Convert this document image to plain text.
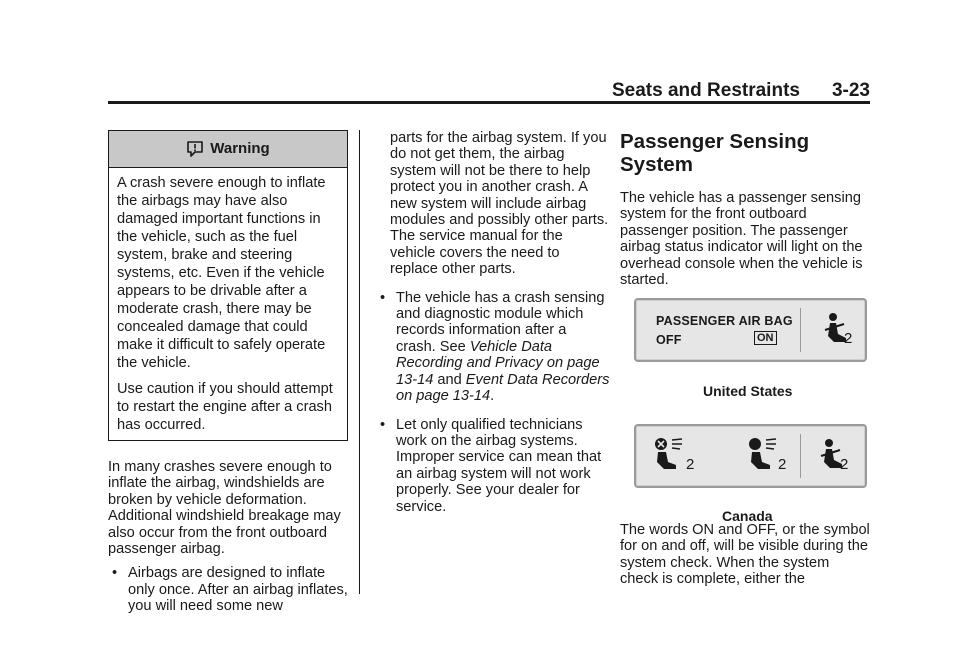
Seats and Restraints 3-23
Warning

A crash severe enough to inflate the airbags may have also damaged important functions in the vehicle, such as the fuel system, brake and steering systems, etc. Even if the vehicle appears to be drivable after a moderate crash, there may be concealed damage that could make it difficult to safely operate the vehicle.

Use caution if you should attempt to restart the engine after a crash has occurred.

In many crashes severe enough to inflate the airbag, windshields are broken by vehicle deformation. Additional windshield breakage may also occur from the front outboard passenger airbag.

• Airbags are designed to inflate only once. After an airbag inflates, you will need some new

parts for the airbag system. If you do not get them, the airbag system will not be there to help protect you in another crash. A new system will include airbag modules and possibly other parts. The service manual for the vehicle covers the need to replace other parts.

• The vehicle has a crash sensing and diagnostic module which records information after a crash. See Vehicle Data Recording and Privacy on page 13-14 and Event Data Recorders on page 13-14.

• Let only qualified technicians work on the airbag systems. Improper service can mean that an airbag system will not work properly. See your dealer for service.

Passenger Sensing System

The vehicle has a passenger sensing system for the front outboard passenger position. The passenger airbag status indicator will light on the overhead console when the vehicle is started.

PASSENGER AIR BAG
OFF	ON	2
United States
2	2	2
Canada

The words ON and OFF, or the symbol for on and off, will be visible during the system check. When the system check is complete, either the
